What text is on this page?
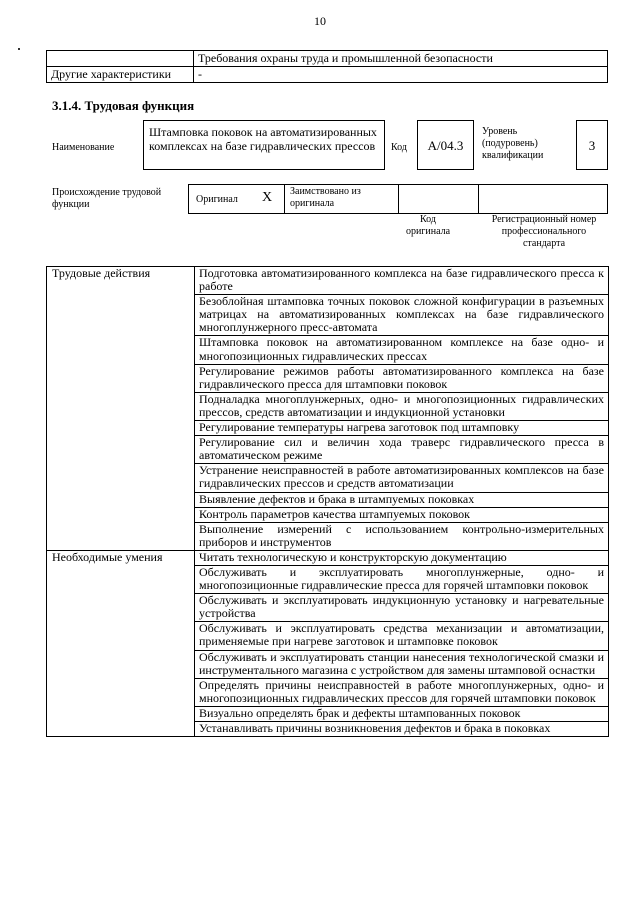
10
	Требования охраны труда и промышленной безопасности
Другие характеристики	-
3.1.4. Трудовая функция
Наименование
Штамповка поковок на автоматизированных комплексах на базе гидравлических прессов	Код	А/04.3
Уровень (подуровень) квалификации
3
Происхождение трудовой функции	Оригинал X Заимствовано из оригинала
Код оригинала
Регистрационный номер профессионального стандарта
Трудовые действия	Подготовка автоматизированного комплекса на базе гидравлического пресса к работе
	Безоблойная штамповка точных поковок сложной конфигурации в разъемных матрицах на автоматизированных комплексах на базе гидравлического многоплунжерного пресс-автомата
	Штамповка поковок на автоматизированном комплексе на базе одно- и многопозиционных гидравлических прессах
	Регулирование режимов работы автоматизированного комплекса на базе гидравлического пресса для штамповки поковок
	Подналадка многоплунжерных, одно- и многопозиционных гидравлических прессов, средств автоматизации и индукционной установки
	Регулирование температуры нагрева заготовок под штамповку
	Регулирование сил и величин хода траверс гидравлического пресса в автоматическом режиме
	Устранение неисправностей в работе автоматизированных комплексов на базе гидравлических прессов и средств автоматизации
	Выявление дефектов и брака в штампуемых поковках
	Контроль параметров качества штампуемых поковок
	Выполнение измерений с использованием контрольно-измерительных приборов и инструментов
Необходимые умения	Читать технологическую и конструкторскую документацию
	Обслуживать и эксплуатировать многоплунжерные, одно- и многопозиционные гидравлические пресса для горячей штамповки поковок
	Обслуживать и эксплуатировать индукционную установку и нагревательные устройства
	Обслуживать и эксплуатировать средства механизации и автоматизации, применяемые при нагреве заготовок и штамповке поковок
	Обслуживать и эксплуатировать станции нанесения технологической смазки и инструментального магазина с устройством для замены штамповой оснастки
	Определять причины неисправностей в работе многоплунжерных, одно- и многопозиционных гидравлических прессов для горячей штамповки поковок
	Визуально определять брак и дефекты штампованных поковок
	Устанавливать причины возникновения дефектов и брака в поковках
